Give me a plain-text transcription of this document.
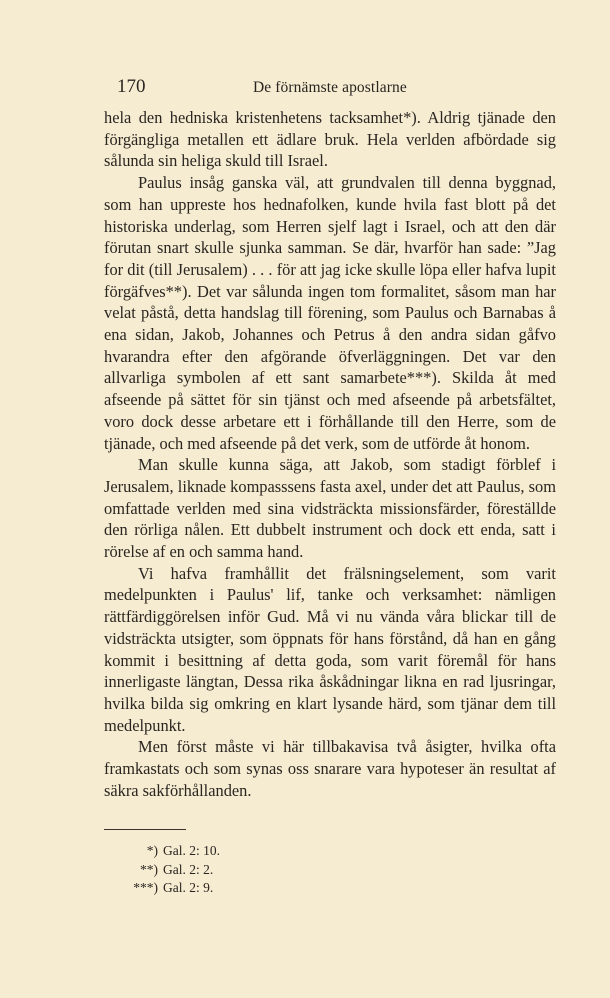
170	De förnämste apostlarne

hela den hedniska kristenhetens tacksamhet*). Aldrig tjänade den förgängliga metallen ett ädlare bruk. Hela verlden afbördade sig sålunda sin heliga skuld till Israel.

Paulus insåg ganska väl, att grundvalen till denna byggnad, som han uppreste hos hednafolken, kunde hvila fast blott på det historiska underlag, som Herren sjelf lagt i Israel, och att den där förutan snart skulle sjunka samman. Se där, hvarför han sade: ”Jag for dit (till Jerusalem) . . . för att jag icke skulle löpa eller hafva lupit förgäfves**). Det var sålunda ingen tom formalitet, såsom man har velat påstå, detta handslag till förening, som Paulus och Barnabas å ena sidan, Jakob, Johannes och Petrus å den andra sidan gåfvo hvarandra efter den afgörande öfverläggningen. Det var den allvarliga symbolen af ett sant samarbete***). Skilda åt med afseende på sättet för sin tjänst och med afseende på arbetsfältet, voro dock desse arbetare ett i förhållande till den Herre, som de tjänade, och med afseende på det verk, som de utförde åt honom.

Man skulle kunna säga, att Jakob, som stadigt förblef i Jerusalem, liknade kompasssens fasta axel, under det att Paulus, som omfattade verlden med sina vidsträckta missionsfärder, föreställde den rörliga nålen. Ett dubbelt instrument och dock ett enda, satt i rörelse af en och samma hand.

Vi hafva framhållit det frälsningselement, som varit medelpunkten i Paulus' lif, tanke och verksamhet: nämligen rättfärdiggörelsen inför Gud. Må vi nu vända våra blickar till de vidsträckta utsigter, som öppnats för hans förstånd, då han en gång kommit i besittning af detta goda, som varit föremål för hans innerligaste längtan, Dessa rika åskådningar likna en rad ljusringar, hvilka bilda sig omkring en klart lysande härd, som tjänar dem till medelpunkt.

Men först måste vi här tillbakavisa två åsigter, hvilka ofta framkastats och som synas oss snarare vara hypoteser än resultat af säkra sakförhållanden.

*) Gal. 2: 10.
**) Gal. 2: 2.
***) Gal. 2: 9.
